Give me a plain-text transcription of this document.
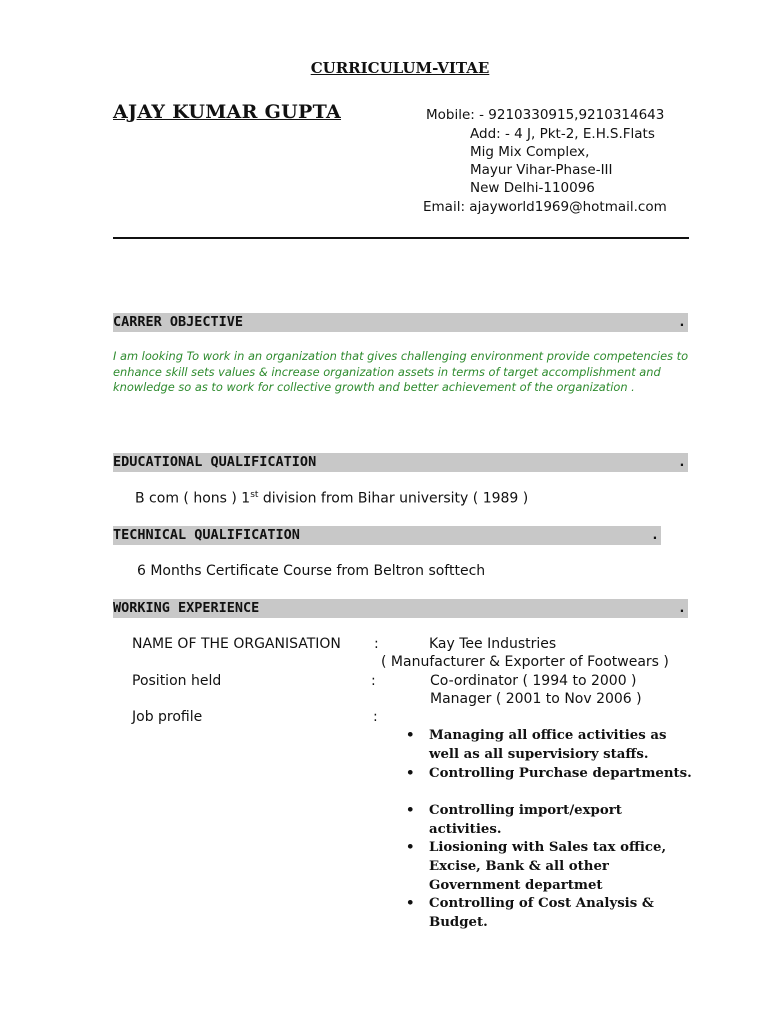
CURRICULUM-VITAE
AJAY KUMAR GUPTA	Mobile: - 9210330915,9210314643
Add: - 4 J, Pkt-2, E.H.S.Flats
Mig Mix Complex,
Mayur Vihar-Phase-III
New Delhi-110096
Email: ajayworld1969@hotmail.com
CARRER OBJECTIVE	.
I am looking To work in an organization that gives challenging environment provide competencies to enhance skill sets values & increase organization assets in terms of target accomplishment and knowledge so as to work for collective growth and better achievement of the organization .
EDUCATIONAL QUALIFICATION	.
B com ( hons ) 1st division from Bihar university ( 1989 )
TECHNICAL QUALIFICATION	.
6 Months Certificate Course from Beltron softtech
WORKING EXPERIENCE	.
NAME OF THE ORGANISATION :	Kay Tee Industries
( Manufacturer & Exporter of Footwears )
Position held	:	Co-ordinator ( 1994 to 2000 )
Manager ( 2001 to Nov 2006 )
Job profile	:
• Managing all office activities as well as all supervisiory staffs.
• Controlling Purchase departments.
• Controlling import/export activities.
• Liosioning with Sales tax office, Excise, Bank & all other Government departmet
• Controlling of Cost Analysis & Budget.
